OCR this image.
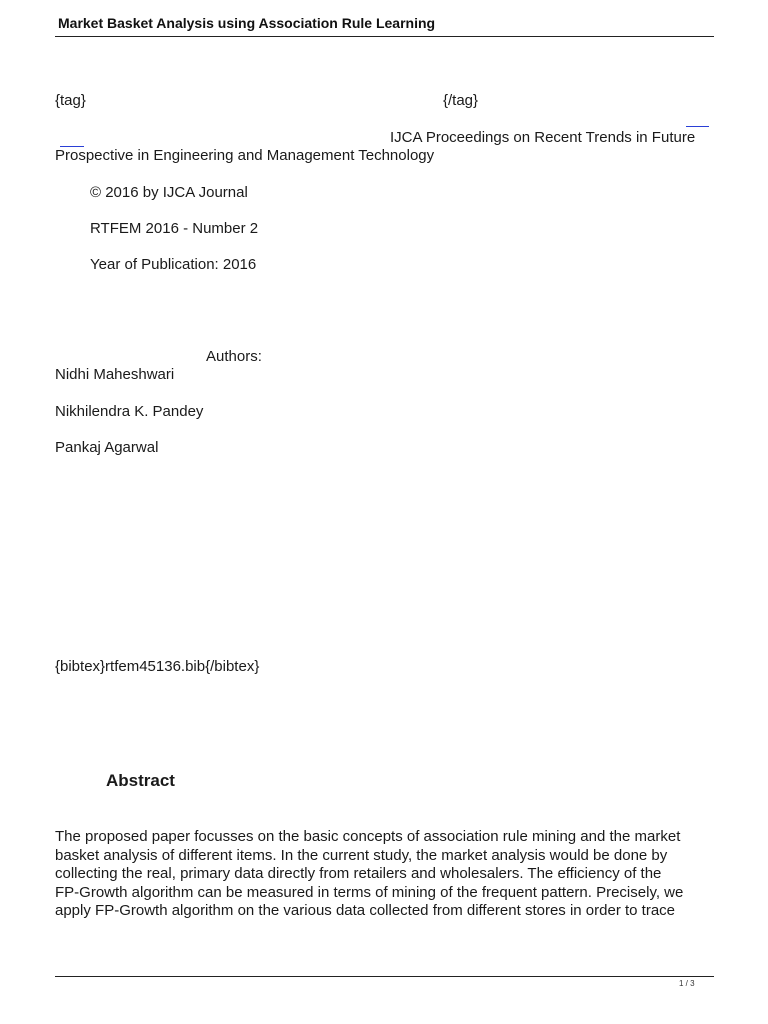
Market Basket Analysis using Association Rule Learning
{tag}	{/tag}
IJCA Proceedings on Recent Trends in Future
Prospective in Engineering and Management Technology
© 2016 by IJCA Journal
RTFEM 2016 - Number 2
Year of Publication: 2016
Authors:
Nidhi Maheshwari
Nikhilendra K. Pandey
Pankaj Agarwal
{bibtex}rtfem45136.bib{/bibtex}
Abstract
The proposed paper focusses on the basic concepts of association rule mining and the market
basket analysis of different items. In the current study, the market analysis would be done by
collecting the real, primary data directly from retailers and wholesalers. The efficiency of the
FP-Growth algorithm can be measured in terms of mining of the frequent pattern. Precisely, we
apply FP-Growth algorithm on the various data collected from different stores in order to trace
1 / 3
